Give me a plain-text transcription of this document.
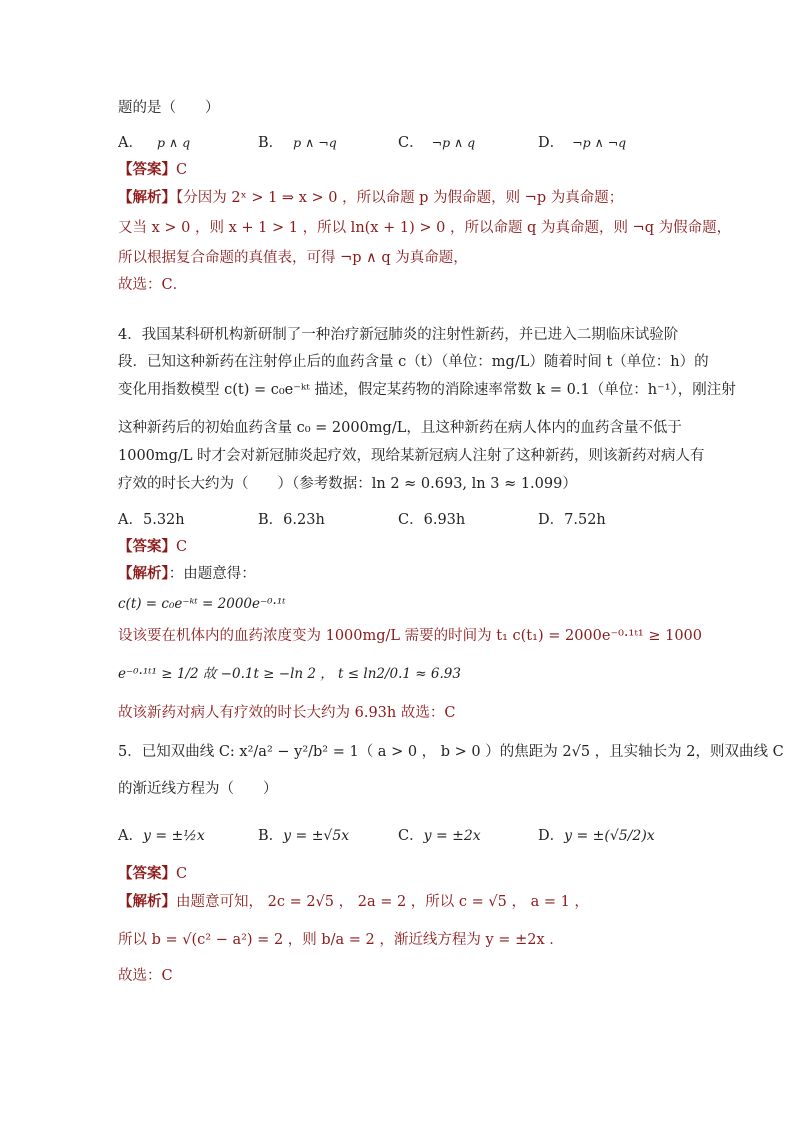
题的是（　　）
A． p ∧ q	B． p ∧ ¬q	C． ¬p ∧ q	D． ¬p ∧ ¬q
【答案】C
【解析】【分因为 2ˣ > 1 ⇒ x > 0 ，所以命题 p 为假命题，则 ¬p 为真命题；
又当 x > 0 ，则 x + 1 > 1 ，所以 ln(x + 1) > 0 ，所以命题 q 为真命题，则 ¬q 为假命题，
所以根据复合命题的真值表，可得 ¬p ∧ q 为真命题，
故选：C．
4．我国某科研机构新研制了一种治疗新冠肺炎的注射性新药，并已进入二期临床试验阶
段．已知这种新药在注射停止后的血药含量 c（t）（单位：mg/L）随着时间 t（单位：h）的
变化用指数模型 c(t) = c₀e⁻ᵏᵗ 描述，假定某药物的消除速率常数 k = 0.1（单位：h⁻¹），刚注射
这种新药后的初始血药含量 c₀ = 2000mg/L，且这种新药在病人体内的血药含量不低于
1000mg/L 时才会对新冠肺炎起疗效，现给某新冠病人注射了这种新药，则该新药对病人有
疗效的时长大约为（　　）（参考数据：ln 2 ≈ 0.693, ln 3 ≈ 1.099）
A．5.32h	B．6.23h	C．6.93h	D．7.52h
【答案】C
【解析】：由题意得：
c(t) = c₀e⁻ᵏᵗ = 2000e⁻⁰·¹ᵗ
设该要在机体内的血药浓度变为 1000mg/L 需要的时间为 t₁ c(t₁) = 2000e⁻⁰·¹ᵗ¹ ≥ 1000
e⁻⁰·¹ᵗ¹ ≥ 1/2 故 −0.1t ≥ −ln 2 ， t ≤ ln2/0.1 ≈ 6.93
故该新药对病人有疗效的时长大约为 6.93h 故选：C
5．已知双曲线 C: x²/a² − y²/b² = 1（ a > 0 ， b > 0 ）的焦距为 2√5 ，且实轴长为 2，则双曲线 C
的渐近线方程为（　　）
A．y = ±½x	B．y = ±√5x	C．y = ±2x	D．y = ±(√5/2)x
【答案】C
【解析】由题意可知， 2c = 2√5 ， 2a = 2 ，所以 c = √5 ， a = 1 ，
所以 b = √(c² − a²) = 2 ，则 b/a = 2 ，渐近线方程为 y = ±2x ．
故选：C
